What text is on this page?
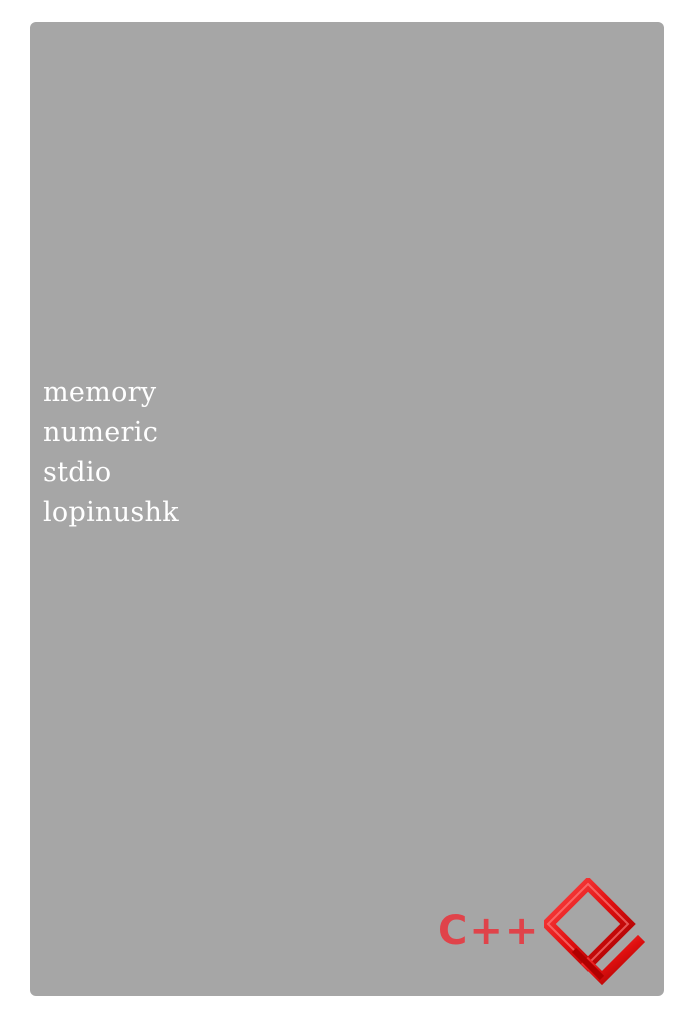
memory
numeric
stdio
lopinushk
C++
